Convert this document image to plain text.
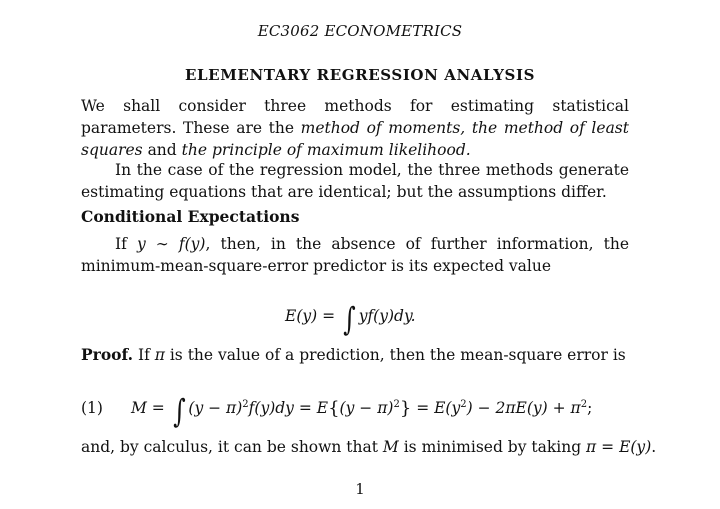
EC3062 ECONOMETRICS
ELEMENTARY REGRESSION ANALYSIS
We shall consider three methods for estimating statistical parameters. These are the method of moments, the method of least squares and the principle of maximum likelihood.
In the case of the regression model, the three methods generate estimating equations that are identical; but the assumptions differ.
Conditional Expectations
If y ∼ f(y), then, in the absence of further information, the minimum-mean-square-error predictor is its expected value
E(y) = ∫ yf(y)dy.
Proof. If π is the value of a prediction, then the mean-square error is
(1) M = ∫ $(y - \pi)^2f(y)dy = E\{(y - \pi)^2\} = E(y^2) - 2\pi E(y) + \pi^2$;
and, by calculus, it can be shown that M is minimised by taking π = E(y).
1
